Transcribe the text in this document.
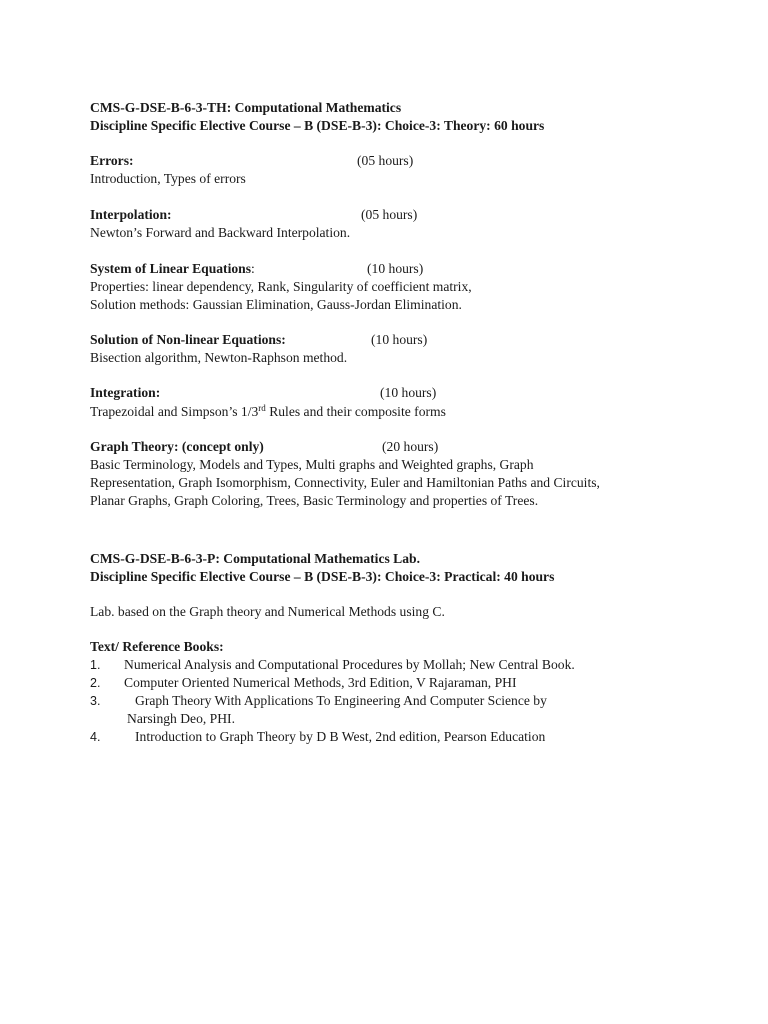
CMS-G-DSE-B-6-3-TH: Computational Mathematics
Discipline Specific Elective Course – B (DSE-B-3): Choice-3: Theory: 60 hours
Errors:	(05 hours)
Introduction, Types of errors
Interpolation:	(05 hours)
Newton’s Forward and Backward Interpolation.
System of Linear Equations:	(10 hours)
Properties: linear dependency, Rank, Singularity of coefficient matrix,
Solution methods: Gaussian Elimination, Gauss-Jordan Elimination.
Solution of Non-linear Equations:	(10 hours)
Bisection algorithm, Newton-Raphson method.
Integration:	(10 hours)
Trapezoidal and Simpson’s 1/3rd Rules and their composite forms
Graph Theory: (concept only)	(20 hours)
Basic Terminology, Models and Types, Multi graphs and Weighted graphs, Graph
Representation, Graph Isomorphism, Connectivity, Euler and Hamiltonian Paths and Circuits,
Planar Graphs, Graph Coloring, Trees, Basic Terminology and properties of Trees.
CMS-G-DSE-B-6-3-P: Computational Mathematics Lab.
Discipline Specific Elective Course – B (DSE-B-3): Choice-3: Practical: 40 hours
Lab. based on the Graph theory and Numerical Methods using C.
Text/ Reference Books:
1. Numerical Analysis and Computational Procedures by Mollah; New Central Book.
2. Computer Oriented Numerical Methods, 3rd Edition, V Rajaraman, PHI
3.	Graph Theory With Applications To Engineering And Computer Science by
Narsingh Deo, PHI.
4.	Introduction to Graph Theory by D B West, 2nd edition, Pearson Education
